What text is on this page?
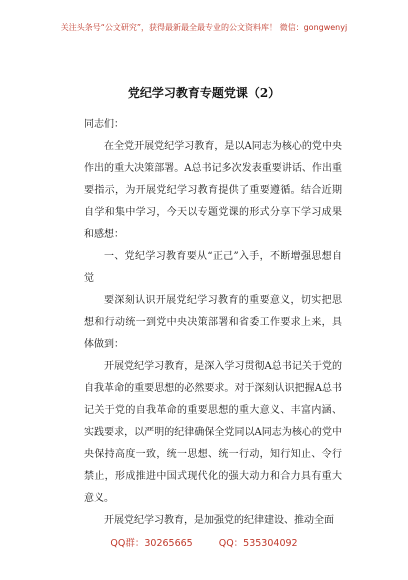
关注头条号“公文研究”，获得最新最全最专业的公文资料库！ 微信：gongwenyj
党纪学习教育专题党课（2）

同志们：

在全党开展党纪学习教育，是以A同志为核心的党中央作出的重大决策部署。A总书记多次发表重要讲话、作出重要指示，为开展党纪学习教育提供了重要遵循。结合近期自学和集中学习，今天以专题党课的形式分享下学习成果和感想：

一、党纪学习教育要从“正己”入手，不断增强思想自觉

要深刻认识开展党纪学习教育的重要意义，切实把思想和行动统一到党中央决策部署和省委工作要求上来，具体做到：

开展党纪学习教育，是深入学习贯彻A总书记关于党的自我革命的重要思想的必然要求。对于深刻认识把握A总书记关于党的自我革命的重要思想的重大意义、丰富内涵、实践要求，以严明的纪律确保全党同以A同志为核心的党中央保持高度一致，统一思想、统一行动，知行知止、令行禁止，形成推进中国式现代化的强大动力和合力具有重大意义。

开展党纪学习教育，是加强党的纪律建设、推动全面

QQ群：30265665	QQ：535304092
